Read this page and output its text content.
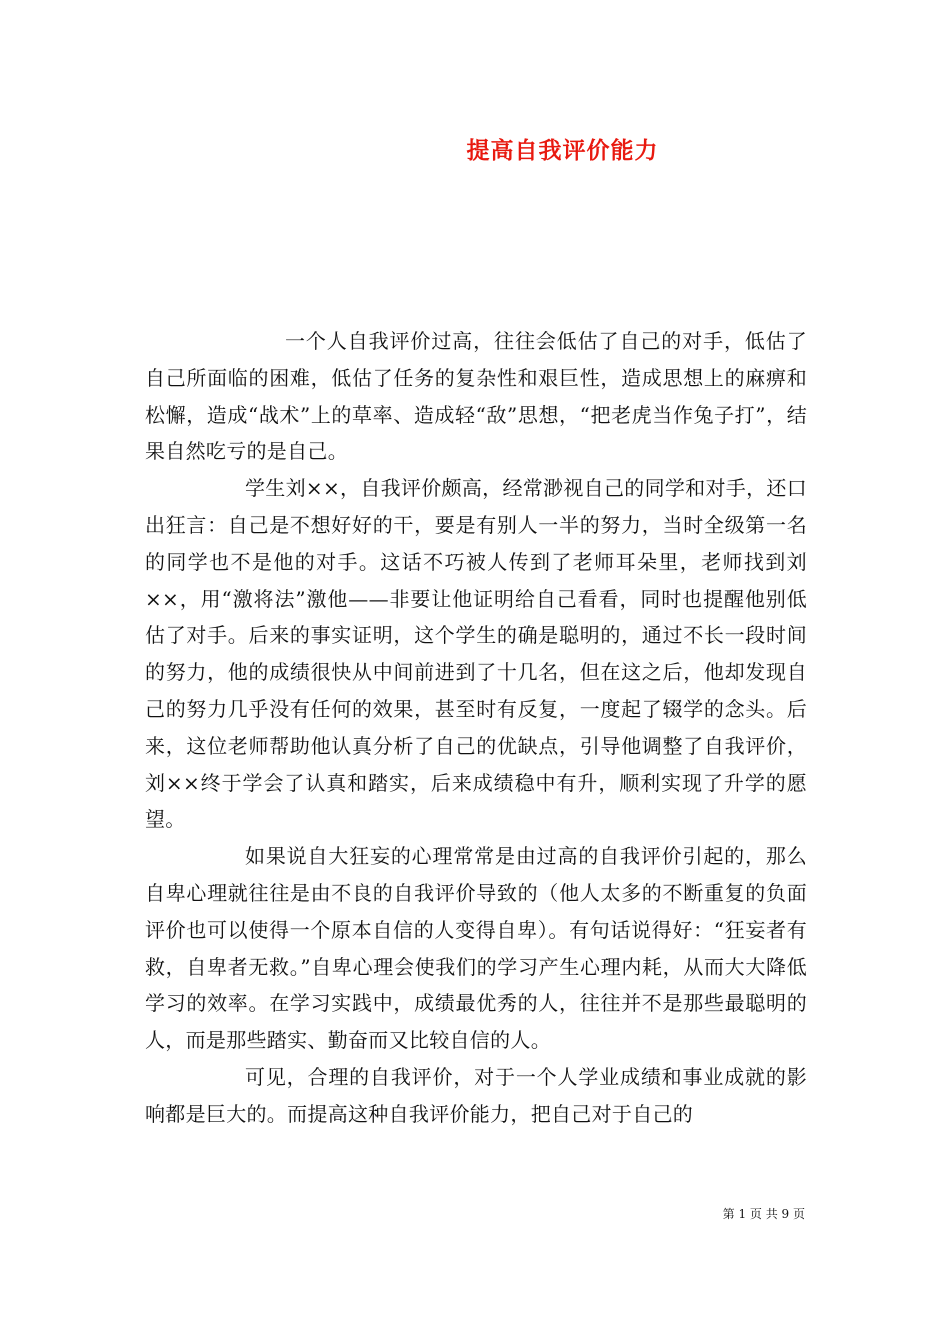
提高自我评价能力

一个人自我评价过高，往往会低估了自己的对手，低估了自己所面临的困难，低估了任务的复杂性和艰巨性，造成思想上的麻痹和松懈，造成“战术”上的草率、造成轻“敌”思想，“把老虎当作兔子打”，结果自然吃亏的是自己。

学生刘××，自我评价颇高，经常渺视自己的同学和对手，还口出狂言：自己是不想好好的干，要是有别人一半的努力，当时全级第一名的同学也不是他的对手。这话不巧被人传到了老师耳朵里，老师找到刘××，用“激将法”激他——非要让他证明给自己看看，同时也提醒他别低估了对手。后来的事实证明，这个学生的确是聪明的，通过不长一段时间的努力，他的成绩很快从中间前进到了十几名，但在这之后，他却发现自己的努力几乎没有任何的效果，甚至时有反复，一度起了辍学的念头。后来，这位老师帮助他认真分析了自己的优缺点，引导他调整了自我评价，刘××终于学会了认真和踏实，后来成绩稳中有升，顺利实现了升学的愿望。

如果说自大狂妄的心理常常是由过高的自我评价引起的，那么自卑心理就往往是由不良的自我评价导致的（他人太多的不断重复的负面评价也可以使得一个原本自信的人变得自卑）。有句话说得好：“狂妄者有救，自卑者无救。”自卑心理会使我们的学习产生心理内耗，从而大大降低学习的效率。在学习实践中，成绩最优秀的人，往往并不是那些最聪明的人，而是那些踏实、勤奋而又比较自信的人。

可见，合理的自我评价，对于一个人学业成绩和事业成就的影响都是巨大的。而提高这种自我评价能力，把自己对于自己的

第 1 页 共 9 页
